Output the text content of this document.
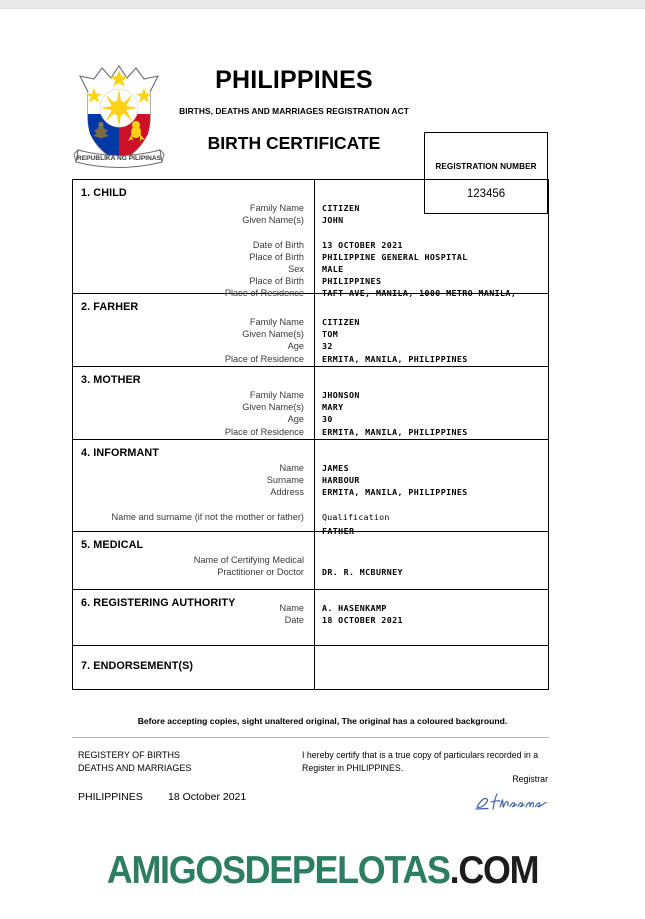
REPUBLIKA NG PILIPINAS
PHILIPPINES
BIRTHS, DEATHS AND MARRIAGES REGISTRATION ACT
BIRTH CERTIFICATE
REGISTRATION NUMBER
123456
1. CHILD
Family Name CITIZEN
Given Name(s) JOHN
Date of Birth 13 OCTOBER 2021
Place of Birth PHILIPPINE GENERAL HOSPITAL
Sex MALE
Place of Birth PHILIPPINES
Place of Residence TAFT AVE, MANILA, 1000 METRO MANILA,
2. FARHER
Family Name CITIZEN
Given Name(s) TOM
Age 32
Place of Residence ERMITA, MANILA, PHILIPPINES
3. MOTHER
Family Name JHONSON
Given Name(s) MARY
Age 30
Place of Residence ERMITA, MANILA, PHILIPPINES
4. INFORMANT
Name JAMES
Surname HARBOUR
Address ERMITA, MANILA, PHILIPPINES
Name and surname (if not the mother or father) Qualification
FATHER
5. MEDICAL
Name of Certifying Medical
Practitioner or Doctor DR. R. MCBURNEY
6. REGISTERING AUTHORITY	Name A. HASENKAMP
Date 18 OCTOBER 2021
7. ENDORSEMENT(S)
Before accepting copies, sight unaltered original, The original has a coloured background.
REGISTERY OF BIRTHS
DEATHS AND MARRIAGES
PHILIPPINES 18 October 2021
I hereby certify that is a true copy of particulars recorded in a
Register in PHILIPPINES.
Registrar
AMIGOSDEPELOTAS.COM
